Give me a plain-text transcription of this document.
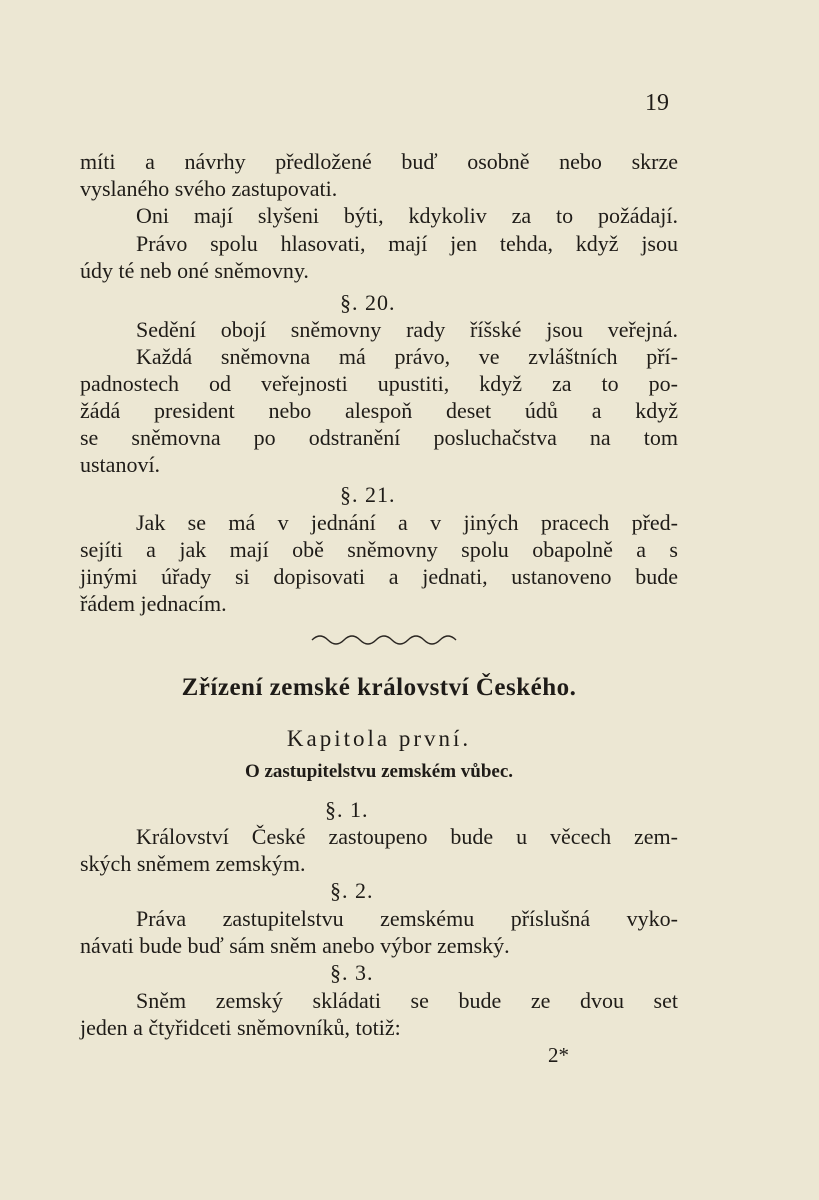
19
míti a návrhy předložené buď osobně nebo skrze
vyslaného svého zastupovati.
Oni mají slyšeni býti, kdykoliv za to požádají.
Právo spolu hlasovati, mají jen tehda, když jsou
údy té neb oné sněmovny.
§. 20.
Sedění obojí sněmovny rady říšské jsou veřejná.
Každá sněmovna má právo, ve zvláštních pří-
padnostech od veřejnosti upustiti, když za to po-
žádá president nebo alespoň deset údů a když
se sněmovna po odstranění posluchačstva na tom
ustanoví.
§. 21.
Jak se má v jednání a v jiných pracech před-
sejíti a jak mají obě sněmovny spolu obapolně a s
jinými úřady si dopisovati a jednati, ustanoveno bude
řádem jednacím.
Zřízení zemské království Českého.
Kapitola první.
O zastupitelstvu zemském vůbec.
§. 1.
Království České zastoupeno bude u věcech zem-
ských sněmem zemským.
§. 2.
Práva zastupitelstvu zemskému příslušná vyko-
návati bude buď sám sněm anebo výbor zemský.
§. 3.
Sněm zemský skládati se bude ze dvou set
jeden a čtyřidceti sněmovníků, totiž:
2*
